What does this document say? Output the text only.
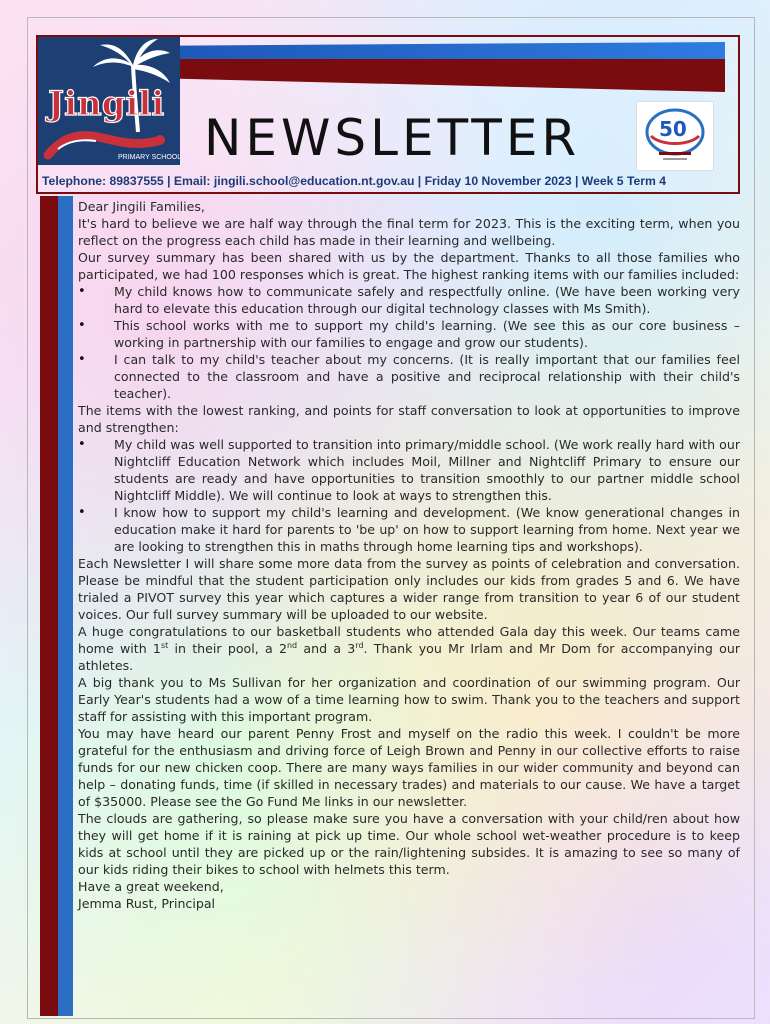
Jingili
PRIMARY SCHOOL NEWSLETTER	50
Telephone: 89837555 | Email: jingili.school@education.nt.gov.au | Friday 10 November 2023 | Week 5 Term 4

Dear Jingili Families,

It's hard to believe we are half way through the final term for 2023. This is the exciting term, when you reflect on the progress each child has made in their learning and wellbeing.

Our survey summary has been shared with us by the department. Thanks to all those families who participated, we had 100 responses which is great. The highest ranking items with our families included:

• My child knows how to communicate safely and respectfully online. (We have been working very hard to elevate this education through our digital technology classes with Ms Smith).
• This school works with me to support my child's learning. (We see this as our core business – working in partnership with our families to engage and grow our students).
• I can talk to my child's teacher about my concerns. (It is really important that our families feel connected to the classroom and have a positive and reciprocal relationship with their child's teacher).

The items with the lowest ranking, and points for staff conversation to look at opportunities to improve and strengthen:

• My child was well supported to transition into primary/middle school. (We work really hard with our Nightcliff Education Network which includes Moil, Millner and Nightcliff Primary to ensure our students are ready and have opportunities to transition smoothly to our partner middle school Nightcliff Middle). We will continue to look at ways to strengthen this.
• I know how to support my child's learning and development. (We know generational changes in education make it hard for parents to 'be up' on how to support learning from home. Next year we are looking to strengthen this in maths through home learning tips and workshops).

Each Newsletter I will share some more data from the survey as points of celebration and conversation. Please be mindful that the student participation only includes our kids from grades 5 and 6. We have trialed a PIVOT survey this year which captures a wider range from transition to year 6 of our student voices. Our full survey summary will be uploaded to our website.

A huge congratulations to our basketball students who attended Gala day this week. Our teams came home with 1st in their pool, a 2nd and a 3rd. Thank you Mr Irlam and Mr Dom for accompanying our athletes.

A big thank you to Ms Sullivan for her organization and coordination of our swimming program. Our Early Year's students had a wow of a time learning how to swim. Thank you to the teachers and support staff for assisting with this important program.

You may have heard our parent Penny Frost and myself on the radio this week. I couldn't be more grateful for the enthusiasm and driving force of Leigh Brown and Penny in our collective efforts to raise funds for our new chicken coop. There are many ways families in our wider community and beyond can help – donating funds, time (if skilled in necessary trades) and materials to our cause. We have a target of $35000. Please see the Go Fund Me links in our newsletter.

The clouds are gathering, so please make sure you have a conversation with your child/ren about how they will get home if it is raining at pick up time. Our whole school wet-weather procedure is to keep kids at school until they are picked up or the rain/lightening subsides. It is amazing to see so many of our kids riding their bikes to school with helmets this term.

Have a great weekend,

Jemma Rust, Principal
